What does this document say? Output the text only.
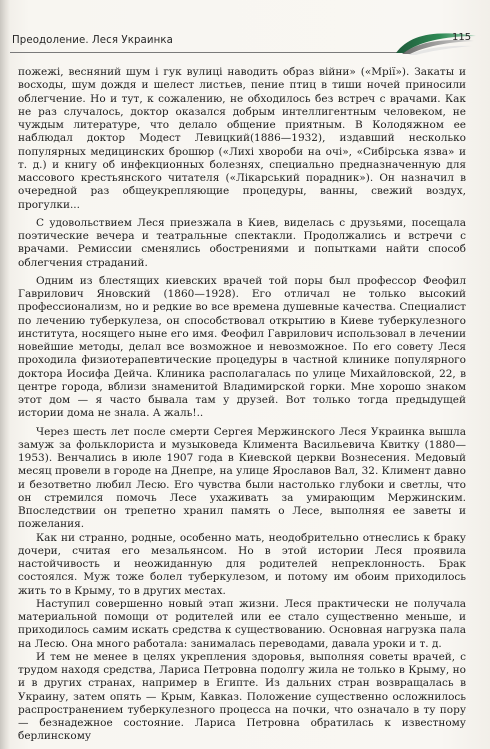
Преодоление. Леся Украинка	115

пожежі, весняний шум і гук вулиці наводить образ війни» («Мрії»). Закаты и восходы, шум дождя и шелест листьев, пение птиц в тиши ночей приносили облегчение. Но и тут, к сожалению, не обходилось без встреч с врачами. Как не раз случалось, доктор оказался добрым интеллигентным человеком, не чуждым литературе, что делало общение приятным. В Колодяжном ее наблюдал доктор Модест Левицкий(1886—1932), издавший несколько популярных медицинских брошюр («Лихі хвороби на очі», «Сибірська язва» и т. д.) и книгу об инфекционных болезнях, специально предназначенную для массового крестьянского читателя («Лікарський порадник»). Он назначил в очередной раз общеукрепляющие процедуры, ванны, свежий воздух, прогулки...

С удовольствием Леся приезжала в Киев, виделась с друзьями, посещала поэтические вечера и театральные спектакли. Продолжались и встречи с врачами. Ремиссии сменялись обострениями и попытками найти способ облегчения страданий.

Одним из блестящих киевских врачей той поры был профессор Феофил Гаврилович Яновский (1860—1928). Его отличал не только высокий профессионализм, но и редкие во все времена душевные качества. Специалист по лечению туберкулеза, он способствовал открытию в Киеве туберкулезного института, носящего ныне его имя. Феофил Гаврилович использовал в лечении новейшие методы, делал все возможное и невозможное. По его совету Леся проходила физиотерапевтические процедуры в частной клинике популярного доктора Иосифа Дейча. Клиника располагалась по улице Михайловской, 22, в центре города, вблизи знаменитой Владимирской горки. Мне хорошо знаком этот дом — я часто бывала там у друзей. Вот только тогда предыдущей истории дома не знала. А жаль!..

Через шесть лет после смерти Сергея Мержинского Леся Украинка вышла замуж за фольклориста и музыковеда Климента Васильевича Квитку (1880—1953). Венчались в июле 1907 года в Киевской церкви Вознесения. Медовый месяц провели в городе на Днепре, на улице Ярославов Вал, 32. Климент давно и безответно любил Лесю. Его чувства были настолько глубоки и светлы, что он стремился помочь Лесе ухаживать за умирающим Мержинским. Впоследствии он трепетно хранил память о Лесе, выполняя ее заветы и пожелания.

Как ни странно, родные, особенно мать, неодобрительно отнеслись к браку дочери, считая его мезальянсом. Но в этой истории Леся проявила настойчивость и неожиданную для родителей непреклонность. Брак состоялся. Муж тоже болел туберкулезом, и потому им обоим приходилось жить то в Крыму, то в других местах.

Наступил совершенно новый этап жизни. Леся практически не получала материальной помощи от родителей или ее стало существенно меньше, и приходилось самим искать средства к существованию. Основная нагрузка пала на Лесю. Она много работала: занималась переводами, давала уроки и т. д.

И тем не менее в целях укрепления здоровья, выполняя советы врачей, с трудом находя средства, Лариса Петровна подолгу жила не только в Крыму, но и в других странах, например в Египте. Из дальних стран возвращалась в Украину, затем опять — Крым, Кавказ. Положение существенно осложнилось распространением туберкулезного процесса на почки, что означало в ту пору — безнадежное состояние. Лариса Петровна обратилась к известному берлинскому
